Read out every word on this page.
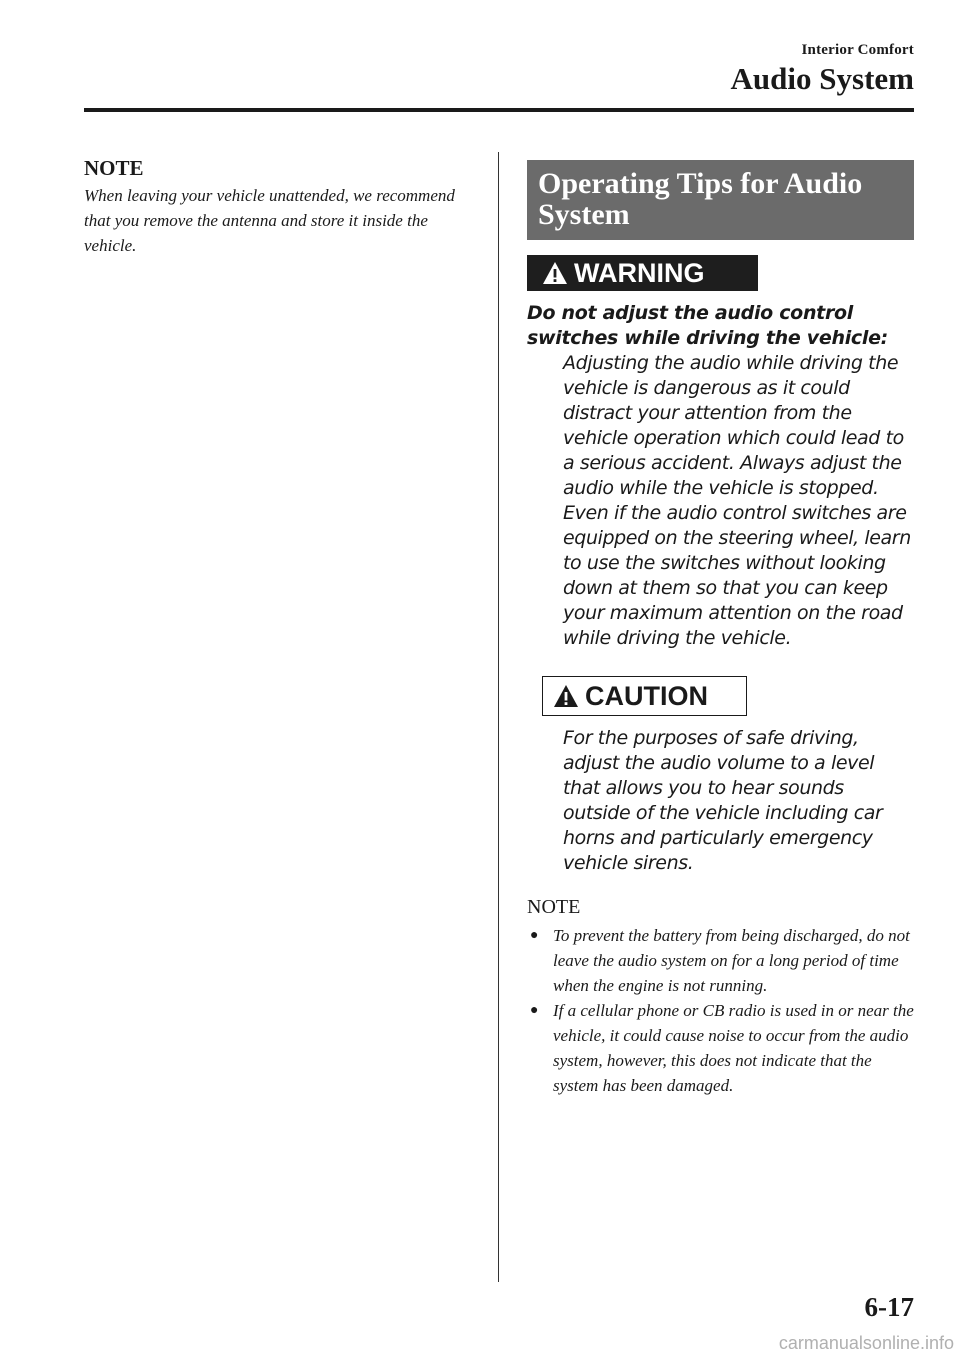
Interior Comfort
Audio System
NOTE
When leaving your vehicle unattended, we recommend that you remove the antenna and store it inside the vehicle.
Operating Tips for Audio System
WARNING
Do not adjust the audio control switches while driving the vehicle:
Adjusting the audio while driving the vehicle is dangerous as it could distract your attention from the vehicle operation which could lead to a serious accident. Always adjust the audio while the vehicle is stopped. Even if the audio control switches are equipped on the steering wheel, learn to use the switches without looking down at them so that you can keep your maximum attention on the road while driving the vehicle.
CAUTION
For the purposes of safe driving, adjust the audio volume to a level that allows you to hear sounds outside of the vehicle including car horns and particularly emergency vehicle sirens.
NOTE
● To prevent the battery from being discharged, do not leave the audio system on for a long period of time when the engine is not running.
● If a cellular phone or CB radio is used in or near the vehicle, it could cause noise to occur from the audio system, however, this does not indicate that the system has been damaged.
6-17
carmanualsonline.info
